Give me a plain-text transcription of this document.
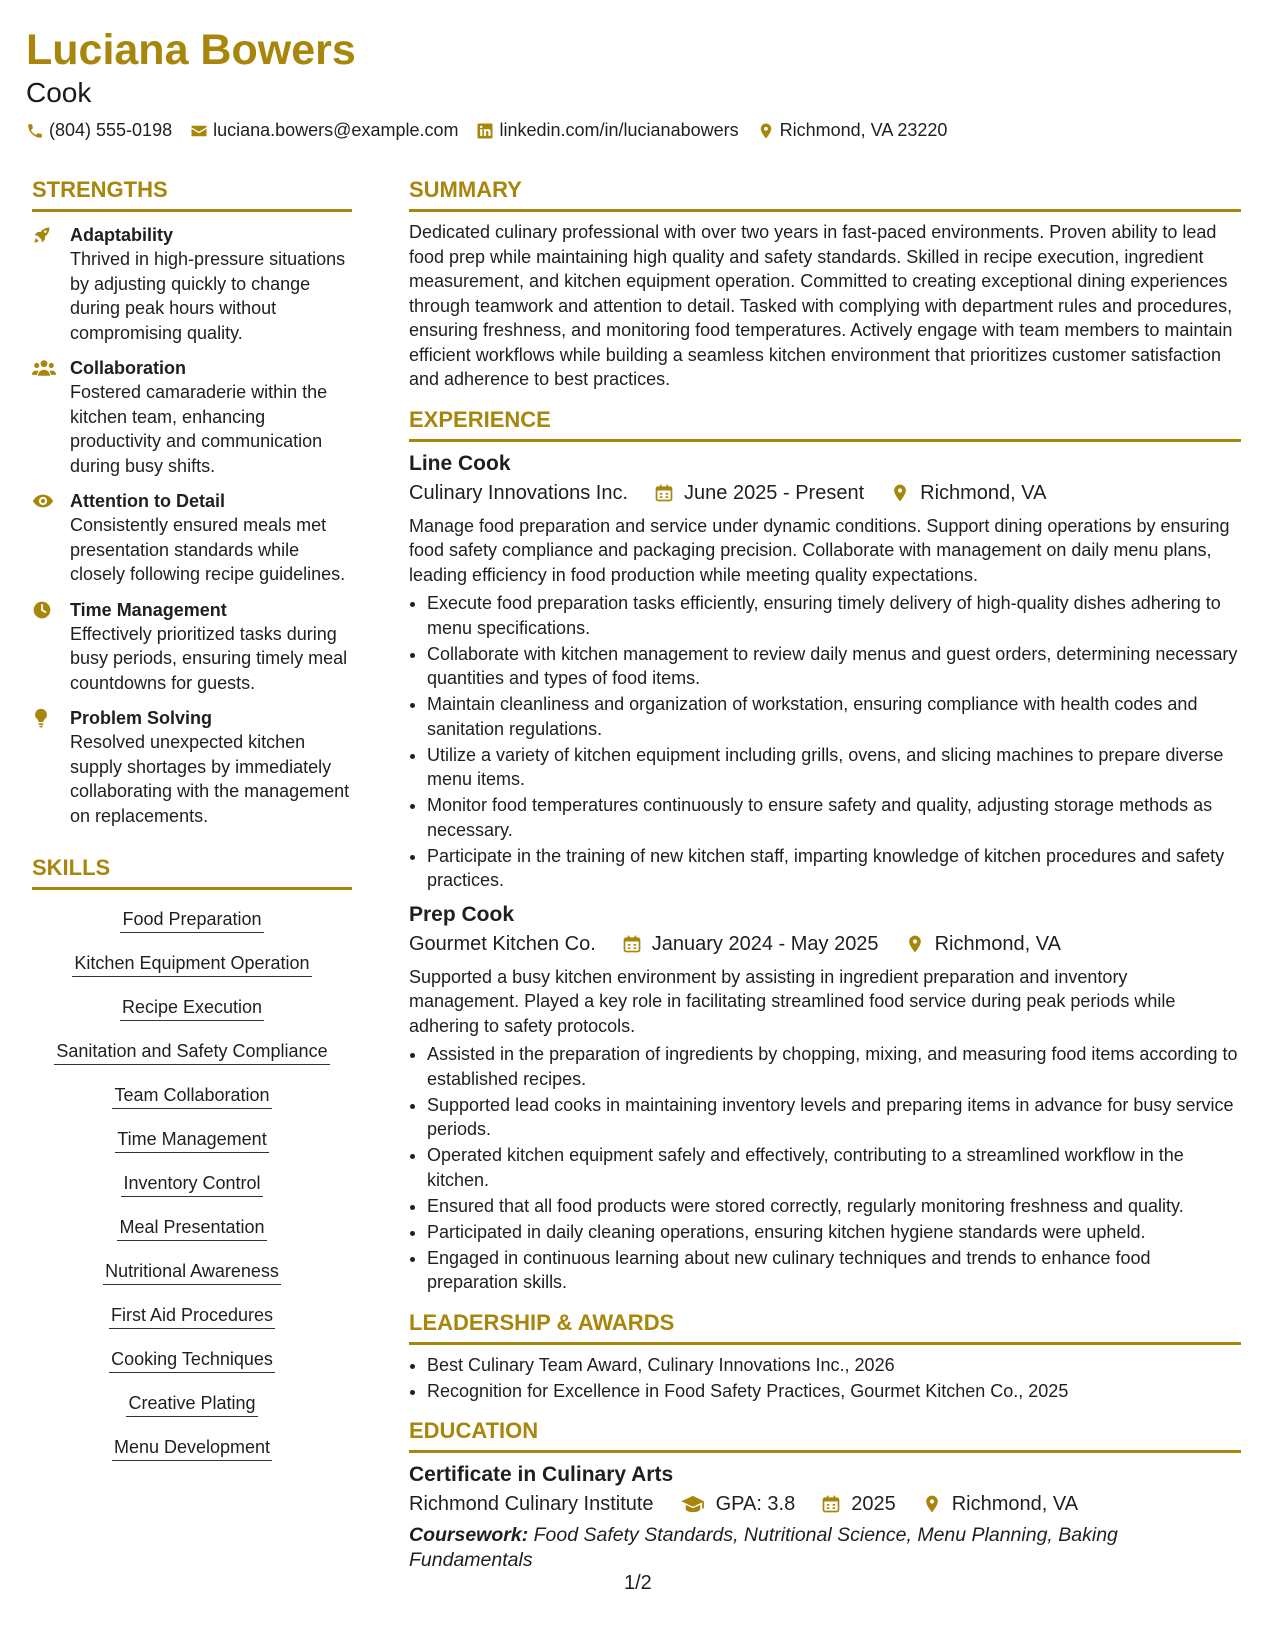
Luciana Bowers
Cook
(804) 555-0198 luciana.bowers@example.com linkedin.com/in/lucianabowers Richmond, VA 23220
STRENGTHS
Adaptability
Thrived in high-pressure situations by adjusting quickly to change during peak hours without compromising quality.
Collaboration
Fostered camaraderie within the kitchen team, enhancing productivity and communication during busy shifts.
Attention to Detail
Consistently ensured meals met presentation standards while closely following recipe guidelines.
Time Management
Effectively prioritized tasks during busy periods, ensuring timely meal countdowns for guests.
Problem Solving
Resolved unexpected kitchen supply shortages by immediately collaborating with the management on replacements.
SKILLS
Food Preparation
Kitchen Equipment Operation
Recipe Execution
Sanitation and Safety Compliance
Team Collaboration
Time Management
Inventory Control
Meal Presentation
Nutritional Awareness
First Aid Procedures
Cooking Techniques
Creative Plating
Menu Development
SUMMARY

Dedicated culinary professional with over two years in fast-paced environments. Proven ability to lead food prep while maintaining high quality and safety standards. Skilled in recipe execution, ingredient measurement, and kitchen equipment operation. Committed to creating exceptional dining experiences through teamwork and attention to detail. Tasked with complying with department rules and procedures, ensuring freshness, and monitoring food temperatures. Actively engage with team members to maintain efficient workflows while building a seamless kitchen environment that prioritizes customer satisfaction and adherence to best practices.

EXPERIENCE
Line Cook
Culinary Innovations Inc.	June 2025 - Present	Richmond, VA
Manage food preparation and service under dynamic conditions. Support dining operations by ensuring food safety compliance and packaging precision. Collaborate with management on daily menu plans, leading efficiency in food production while meeting quality expectations.
• Execute food preparation tasks efficiently, ensuring timely delivery of high-quality dishes adhering to menu specifications.
• Collaborate with kitchen management to review daily menus and guest orders, determining necessary quantities and types of food items.
• Maintain cleanliness and organization of workstation, ensuring compliance with health codes and sanitation regulations.
• Utilize a variety of kitchen equipment including grills, ovens, and slicing machines to prepare diverse menu items.
• Monitor food temperatures continuously to ensure safety and quality, adjusting storage methods as necessary.
• Participate in the training of new kitchen staff, imparting knowledge of kitchen procedures and safety practices.
Prep Cook
Gourmet Kitchen Co.	January 2024 - May 2025	Richmond, VA
Supported a busy kitchen environment by assisting in ingredient preparation and inventory management. Played a key role in facilitating streamlined food service during peak periods while adhering to safety protocols.
• Assisted in the preparation of ingredients by chopping, mixing, and measuring food items according to established recipes.
• Supported lead cooks in maintaining inventory levels and preparing items in advance for busy service periods.
• Operated kitchen equipment safely and effectively, contributing to a streamlined workflow in the kitchen.
• Ensured that all food products were stored correctly, regularly monitoring freshness and quality.
• Participated in daily cleaning operations, ensuring kitchen hygiene standards were upheld.
• Engaged in continuous learning about new culinary techniques and trends to enhance food preparation skills.
LEADERSHIP & AWARDS
• Best Culinary Team Award, Culinary Innovations Inc., 2026
• Recognition for Excellence in Food Safety Practices, Gourmet Kitchen Co., 2025
EDUCATION
Certificate in Culinary Arts
Richmond Culinary Institute	GPA: 3.8	2025	Richmond, VA
Coursework: Food Safety Standards, Nutritional Science, Menu Planning, Baking Fundamentals
1/2
